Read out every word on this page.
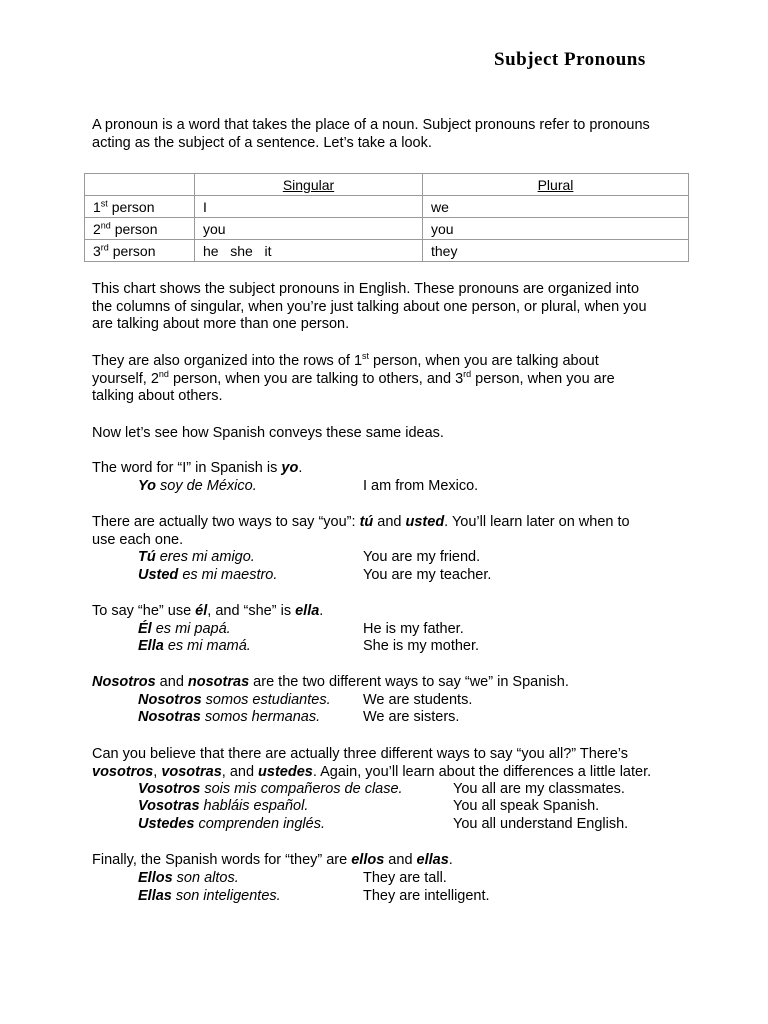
Subject Pronouns
A pronoun is a word that takes the place of a noun. Subject pronouns refer to pronouns
acting as the subject of a sentence. Let’s take a look.
	Singular	Plural
1st person	I	we
2nd person	you	you
3rd person	he   she   it	they
This chart shows the subject pronouns in English. These pronouns are organized into
the columns of singular, when you’re just talking about one person, or plural, when you
are talking about more than one person.
They are also organized into the rows of 1st person, when you are talking about
yourself, 2nd person, when you are talking to others, and 3rd person, when you are
talking about others.
Now let’s see how Spanish conveys these same ideas.
The word for “I” in Spanish is yo.
Yo soy de México.	I am from Mexico.
There are actually two ways to say “you”: tú and usted. You’ll learn later on when to
use each one.
Tú eres mi amigo.	You are my friend.
Usted es mi maestro.	You are my teacher.
To say “he” use él, and “she” is ella.
Él es mi papá.	He is my father.
Ella es mi mamá.	She is my mother.
Nosotros and nosotras are the two different ways to say “we” in Spanish.
Nosotros somos estudiantes. We are students.
Nosotras somos hermanas.	We are sisters.
Can you believe that there are actually three different ways to say “you all?” There’s
vosotros, vosotras, and ustedes. Again, you’ll learn about the differences a little later.
Vosotros sois mis compañeros de clase.	You all are my classmates.
Vosotras habláis español.	You all speak Spanish.
Ustedes comprenden inglés.	You all understand English.
Finally, the Spanish words for “they” are ellos and ellas.
Ellos son altos.	They are tall.
Ellas son inteligentes.	They are intelligent.
